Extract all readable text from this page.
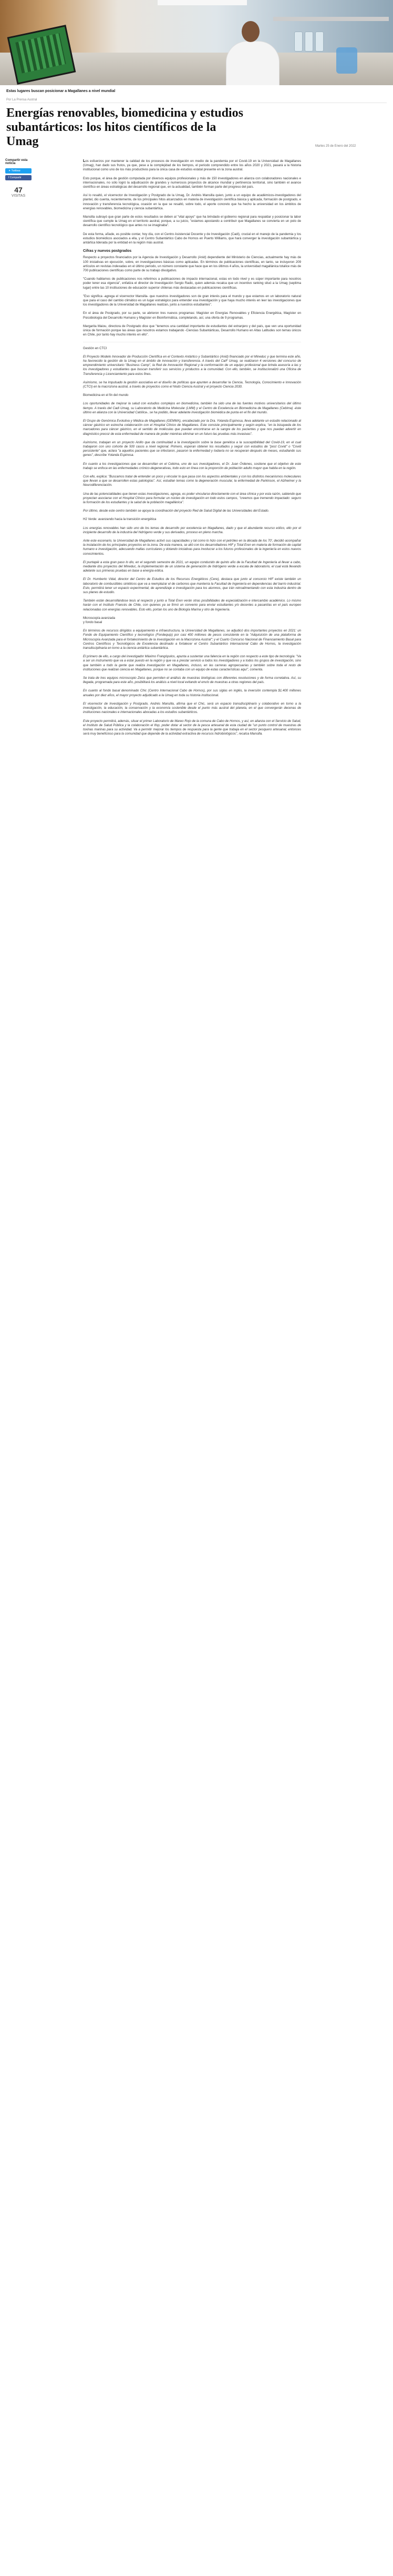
Estas lugares buscan posicionar a Magallanes a nivel mundial
Por La Prensa Austral
Energías renovables, biomedicina y estudios subantárticos: los hitos científicos de la Umag	Martes 25 de Enero del 2022
Compartir esta noticia
✦ Twittear
f Compartir
47
VISITAS

Los esfuerzos por mantener la calidad de los procesos de investigación en medio de la pandemia por el Covid-19 en la Universidad de Magallanes (Umag), han dado sus frutos, ya que, pese a la complejidad de los tiempos, el periodo comprendido entre los años 2020 y 2021, pasará a la historia institucional como uno de los más productivos para la única casa de estudios estatal presente en la zona austral.

Esto porque, el área de gestión computada por diversos equipos profesionales y más de 150 investigadores en alianza con colaboradores nacionales e internacionales, no sólo logró la adjudicación de grandes y numerosos proyectos de alcance mundial y pertinencia territorial, sino también el avance científico en áreas estratégicas del desarrollo regional que, en la actualidad, también forman parte del progreso del país.

Así lo resaltó, el vicerrector de Investigación y Postgrado de la Umag, Dr. Andrés Mansilla quien, junto a un equipo de académicos-investigadores del plantel, dio cuenta, recientemente, de los principales hitos alcanzados en materia de investigación científica básica y aplicada, formación de postgrado, e innovación y transferencia tecnológica, ocasión en la que se resaltó, sobre todo, el aporte concreto que ha hecho la universidad en los ámbitos de energías renovables, biomedicina y ciencia subantártica.

Mansilla subrayó que gran parte de estos resultados se deben al "vital apoyo" que ha brindado el gobierno regional para respaldar y posicionar la labor científica que cumple la Umag en el territorio austral, porque, a su juicio, "estamos apostando a contribuir que Magallanes se convierta en un polo de desarrollo científico tecnológico que antes no se imaginaba".

De esta forma, añade, es posible contar, hoy día, con el Centro Asistencial Docente y de Investigación (Cadi), crucial en el manejo de la pandemia y los estudios biomédicos asociados a ella, y el Centro Subantártico Cabo de Hornos en Puerto Williams, que hará converger la investigación subantártica y antártica liderada por la entidad en la región más austral.

Cifras y nuevos postgrados

Respecto a proyectos financiados por la Agencia de Investigación y Desarrollo (Anid) dependiente del Ministerio de Ciencias, actualmente hay más de 100 iniciativas en ejecución, sobre, en investigaciones básicas como aplicadas. En términos de publicaciones científicas, en tanto, se incluyeron 209 artículos en revistas indexadas en el último periodo, un número constante que hace que en los últimos 4 años, la universidad magallánica totalice más de 700 publicaciones científicas como parte de su trabajo divulgativo.

"Cuando hablamos de publicaciones nos referimos a publicaciones de impacto internacional, estas en todo nivel y es súper importante para nosotros poder tener esa vigencia", enfatiza el director de Investigación Sergio Radic, quien además recalca que un incentivo ranking situó a la Umag (septima lugar) entre las 10 instituciones de educación superior chilenas más destacadas en publicaciones científicas.

"Eso significa -agrega el vicerrector Mansilla- que nuestros investigadores son de gran interés para el mundo y que estamos en un laboratorio natural que para el caso del cambio climático es un lugar estratégico para entender esa investigación y que haya mucho interés en leer las investigaciones que los investigadores de la Universidad de Magallanes realizan, junto a nuestros estudiantes".

En el área de Postgrado, por su parte, se abrieron tres nuevos programas: Magíster en Energías Renovables y Eficiencia Energética, Magíster en Psicobiología del Desarrollo Humano y Magíster en Bioinformática, completando, así, una oferta de 9 programas.

Margarita Maiou, directora de Postgrado dice que "tenemos una cantidad importante de estudiantes del extranjero y del país, que ven una oportunidad única de formación porque las áreas que nosotros estamos trabajando -Ciencias Subantárticas, Desarrollo Humano en Altas Latitudes son temas únicos en Chile, por tanto hay mucho interés en ello".

Gestión en CTCI

El Proyecto Modelo Innovador de Producción Científica en el Contexto Antártico y Subantártico (Anid) financiado por el Mineduc y que termina este año, ha favorecido la gestión de la Umag en el ámbito de innovación y transferencia. A través del CaiF Umag, se realizaron 4 versiones del concurso de emprendimiento universitario "Business Camp", la Red de Innovación Regional y la conformación de un equipo profesional que brinda asesoría a las y los investigadores y estudiantes que buscan transferir sus servicios y productos a la comunidad. Con ello, también, se institucionalizó una Oficina de Transferencia y Licenciamiento para estos fines.

Asimismo, se ha impulsado la gestión asociativa en el diseño de políticas que apunten a desarrollar la Ciencia, Tecnología, Conocimiento e Innovación (CTCI) en la macrozona austral, a través de proyectos como el Nodo Ciencia Austral y el proyecto Ciencia 2030.

Biomedicina en el fin del mundo

Los oportunidades de mejorar la salud con estudios complejos en biomedicina, también ha sido una de las fuentes motivos universitarios del último tiempo. A través del Cadi Umag, su Laboratorio de Medicina Molecular (LMM) y el Centro de Excelencia en Biomedicina de Magallanes (Cebima) -éste último en alianza con la Universidad Católica-, se ha podido, llevar adelante investigación biomédica de punta en el fin del mundo.

El Grupo de Genómica Evolutiva y Médica de Magallanes (GEMMA), encabezado por la Dra. Yolanda Espinosa, lleva adelante un estudio relacionado al cáncer gástrico en estrecha colaboración con el Hospital Clínico de Magallanes. Este consiste principalmente y según explica, "en la búsqueda de los marcadores para cáncer gástrico, en el sentido de moléculas que puedan encontrarse en la sangre de los pacientes y que nos puedan advertir en diagnóstico precoz de esta enfermedad de manera de poder mientras eliminar en un futuro las pruebas más invasivas".

Asimismo, trabajan en un proyecto Anillo que da continuidad a la investigación sobre la base genética a la susceptibilidad del Covid-19, en el cual trabajaron con uno cohorte de 500 casos a nivel regional. Primero, esperan obtener los resultados y seguir con estudios de "post Covid" o "Covid persistente" que, aclara "a aquellos pacientes que se infectaron, pasaron la enfermedad y todavía no se recuperan después de meses, estudiando sus genes", describe Yolanda Espinosa.

En cuanto a los investigaciones que se desarrollan en el Cebima, uno de sus investigadores, el Dr. Juan Órdenes, sostiene que el objetivo de este trabajo se enfoca en las enfermedades crónico-degenerativas, todo esto en línea con la proporción de población adulto mayor que habita en la región.

Con ello, explica: "Buscamos tratar de entender un poco y vincular lo que pasa con los aspectos ambientales y con los distintos mecanismos moleculares que llevan a que se desarrollen estas patologías". Así, estudian temas como la degeneración muscular, la enfermedad de Parkinson, el Alzheimer y la Neurodiferenciación.

Una de las potencialidades que tienen estas investigaciones, agrega, es poder vincularse directamente con el área clínica y por esta razón, sabiendo que proyectan asociarse con el Hospital Clínico para formular un núcleo de investigación en todo estos campos, "creemos que tremendo impactado: seguro la formación de los estudiantes y la salud de la población magallánica".

Por último, desde este centro también se apoya la coordinación del proyecto Red de Salud Digital de las Universidades del Estado.

H2 Verde: avanzando hacia la transición energética

Los energías renovables han sido uno de los temas de desarrollo por excelencia en Magallanes, dado y que el abundante recurso eólico, ello por el incipiente desarrollo de la industria del hidrógeno verde y sus derivados, proceso en pleno marcha.

Ante este escenario, la Universidad de Magallanes activó sus capacidades y tal como lo hizo con el petróleo en la década de los 70', decidió acompañar la instalación de los principales proyectos en la zona. De esta manera, se alió con los desarrolladores HIF y Total Eren en materia de formación de capital humano e investigación, adecuando mallas curriculares y dotando iniciativas para involucrar a los futuros profesionales de la ingeniería en estos nuevos conocimientos.

El puntapié a esta gran paso lo dio, en el segundo semestre de 2021, un equipo conducido de quinto año de la Facultad de Ingeniería al llevar a cabo, mediante dos proyectos del Mineduc, la implementación de un sistema de generación de hidrógeno verde a escala de laboratorio, el cual está llevando adelante sus primeras pruebas en base a energía eólica.

El Dr. Humberto Vidal, director del Centro de Estudios de los Recursos Energéticos (Cere), destaca que junto al consorcio HIF existe también un laboratorio de combustibles sintéticos que va a reemplazar el de carbonos que mantenía la Facultad de Ingeniería en dependencias del barrio industrial. Esto, permitirá tener un espacio experimental, de aprendizaje e investigación para los alumnos, que irán retroalimentando con esta industria dentro de sus planes de estudio.

También están desarrollándose tesis al respecto y junto a Total Eren verán otras posibilidades de especialización e intercambio académico. Lo mismo harán con el Instituto Francés de Chile, con quienes ya se firmó un convenio para enviar estudiantes y/o docentes a pasantías en el país europeo relacionadas con energías renovables. Esto ello, portan los uno de Biología Marina y otro de Ingeniería.

Microscopía avanzada
y fondo basal

En términos de recursos dirigidos a equipamiento e infraestructura, la Universidad de Magallanes, se adjudicó dos importantes proyectos en 2021: un Fondo de Equipamiento Científico y tecnológico (Fondequip) por casi 400 millones de pesos consistente en la "Adquisición de una plataforma de Microscopía Avanzada para el fortalecimiento de la investigación en la Macrozona Austral"; y el Cuarto Concurso Nacional de Financiamiento Basal para Centros Científicos y Tecnológicos de Excelencia destinado a fortalecer el Centro Subantártico Internacional Cabo de Hornos, la investigación transdisciplinaria en torno a la ciencia antártica subantártica.

El primero de ello, a cargo del investigador Máximo Frangópulos, apunta a sustentar una falencia en la región con respecto a este tipo de tecnología: "Va a ser un instrumento que va a estar puesto en la región y que va a prestar servicio a todos los investigadores y a todos los grupos de investigación, sino que también a todo la gente que realiza investigación en Magallanes, incluso, en las carreras agropecuarias y también sobre toda el resto de instituciones que realizan ciencia en Magallanes, porque no se contaba con un equipo de estas características aquí", comenta.

Se trata de tres equipos microscopio Zeiss que permiten el análisis de muestras biológicas con diferentes resoluciones y de forma correlativa. Así, su llegada, programada para este año, posibilitará los análisis a nivel local evitando el envío de muestras a otras regiones del país.

En cuanto al fondo basal denominado Chic (Centro Internacional Cabo de Hornos), por sus siglas en inglés, la inversión contempla $1.400 millones anuales por diez años, el mayor proyecto adjudicado a la Umag en toda su historia institucional.

El vicerrector de Investigación y Postgrado, Andrés Mansilla, afirma que el Chic, será un espacio transdisciplinario y colaborativo en torno a la investigación, la educación, la conservación y la economía sostenible desde el punto más austral del planeta, en el que convergerán decenas de instituciones nacionales e internacionales abocadas a los estudios subantárticos.

Este proyecto permitirá, además, situar el primer Laboratorio de Mareo Rojo de la comuna de Cabo de Hornos, y así, en alianza con el Servicio de Salud, el Instituto de Salud Pública y la colaboración el Ifop, poder dotar al sector de la pesca artesanal de esta ciudad de "un punto control de muestras de toxinas marinas para su actividad. Va a permitir mejorar los tiempos de respuesta para la gente que trabaja en el sector pesquero artesanal, entonces será muy beneficioso para la comunidad que depende de la actividad extractiva de recursos hidrobiológicos", recalca Mansilla.
